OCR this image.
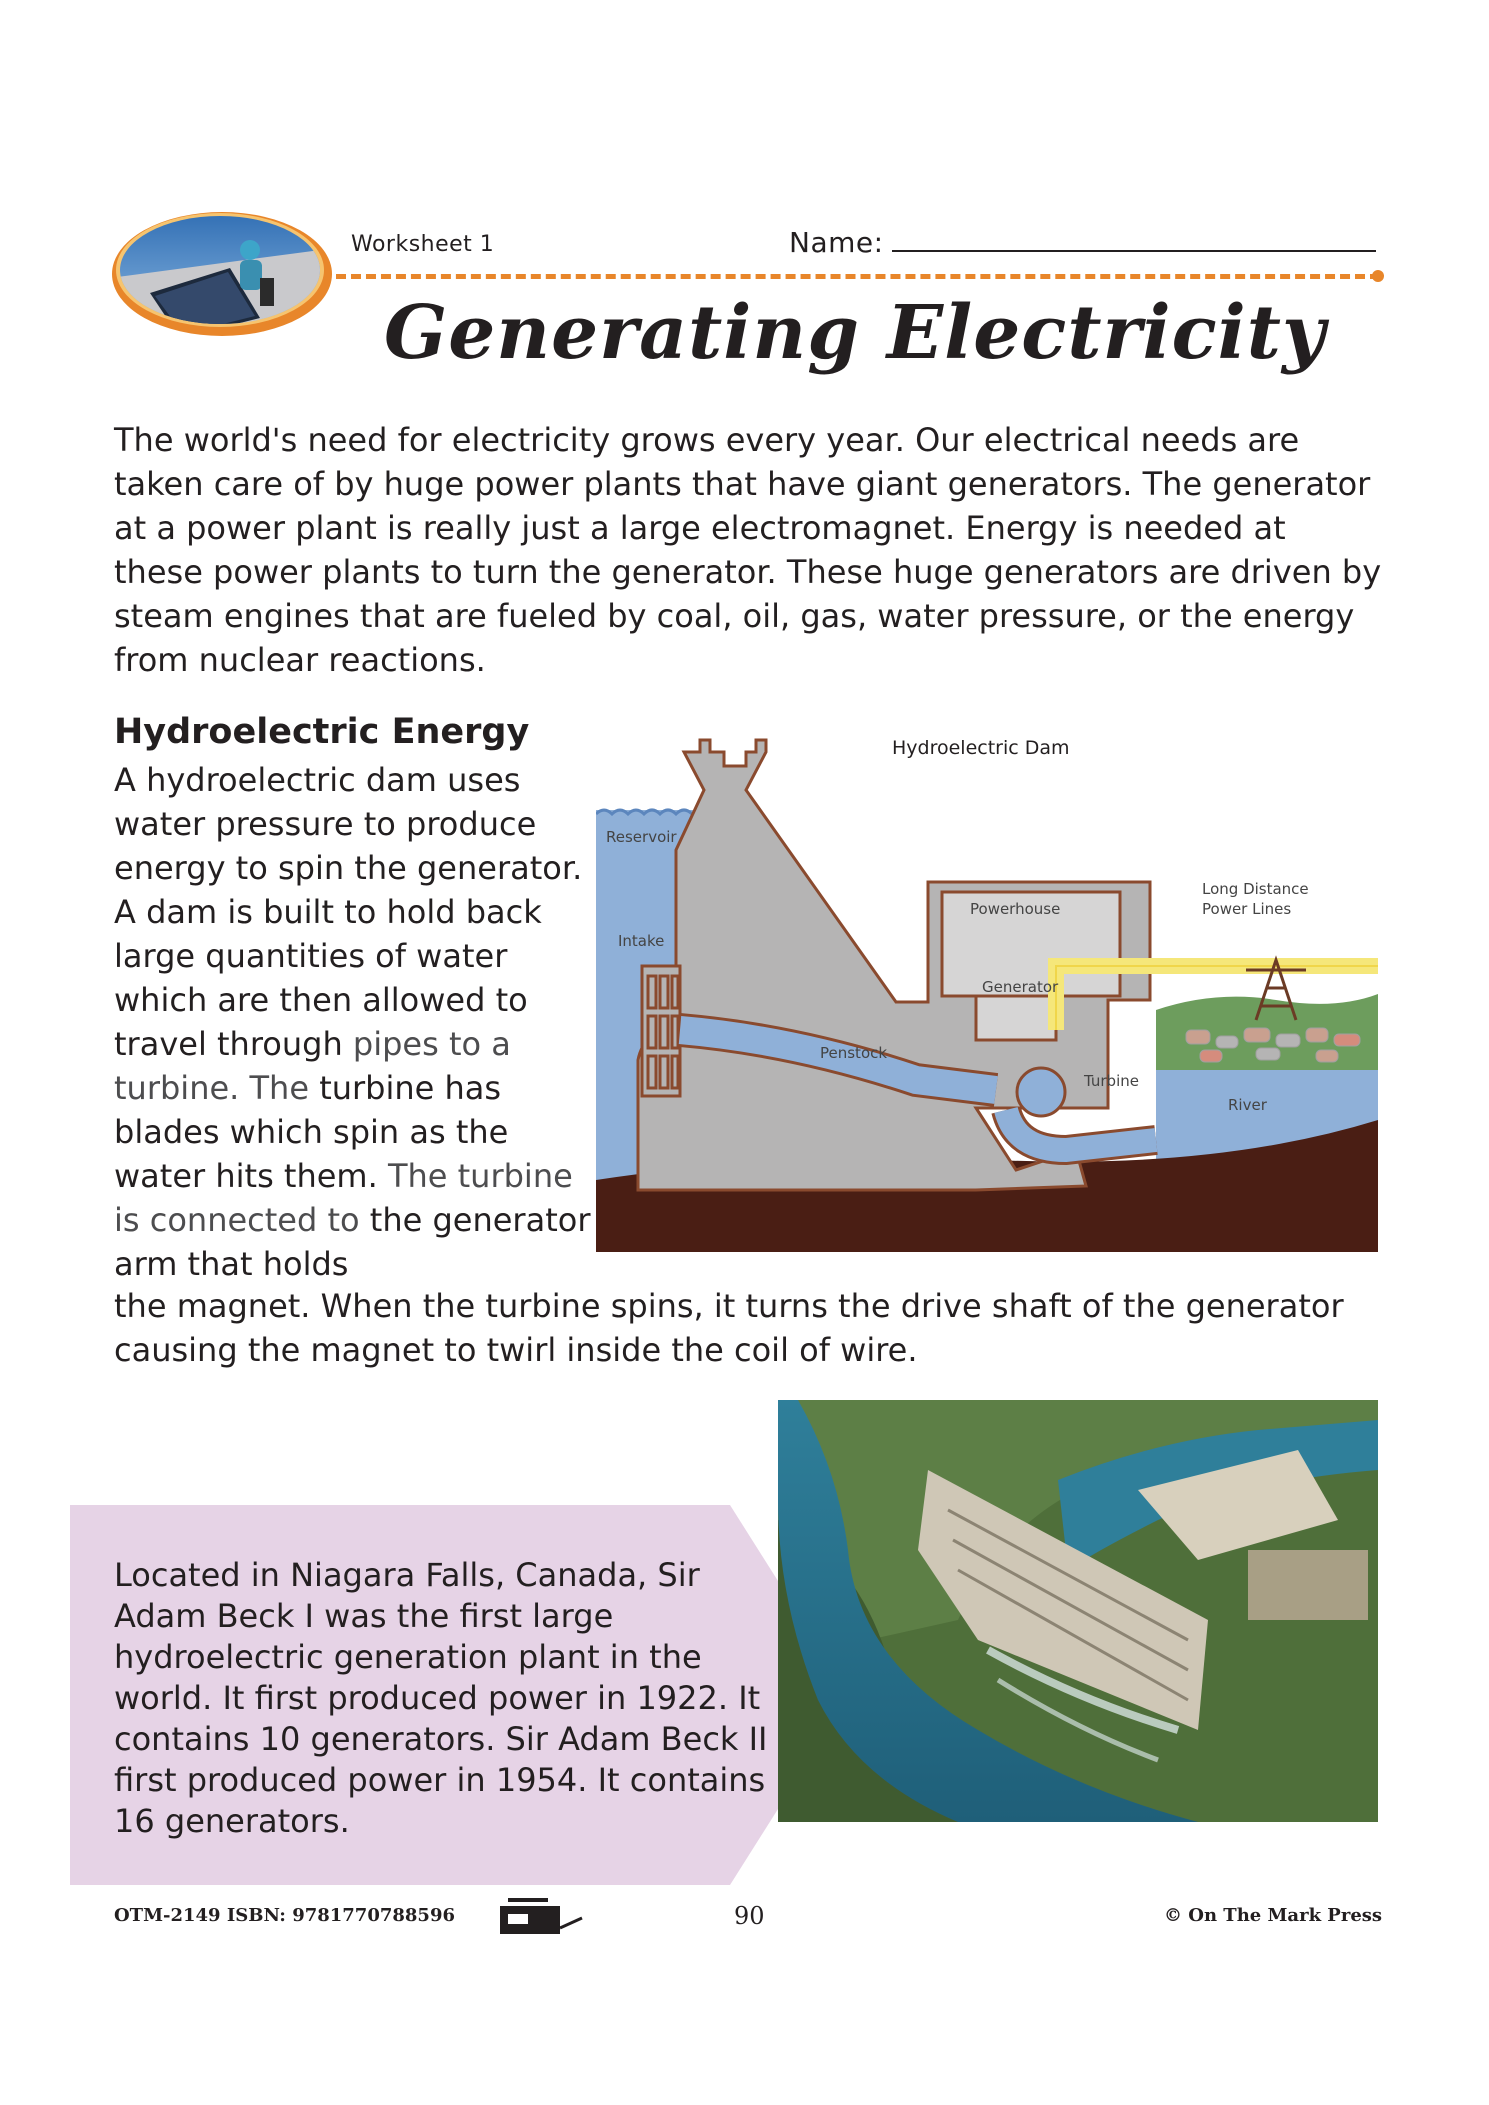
Worksheet 1	Name:
Generating Electricity
The world's need for electricity grows every year. Our electrical needs are taken care of by huge power plants that have giant generators. The generator at a power plant is really just a large electromagnet. Energy is needed at these power plants to turn the generator. These huge generators are driven by steam engines that are fueled by coal, oil, gas, water pressure, or the energy from nuclear reactions.
Hydroelectric Energy
A hydroelectric dam uses water pressure to produce energy to spin the generator. A dam is built to hold back large quantities of water which are then allowed to travel through pipes to a turbine. The turbine has blades which spin as the water hits them. The turbine is connected to the generator arm that holds
the magnet. When the turbine spins, it turns the drive shaft of the generator causing the magnet to twirl inside the coil of wire.
Hydroelectric Dam
Reservoir
Intake
Powerhouse
Generator
Penstock
Turbine
River
Long Distance
Power Lines
Located in Niagara Falls, Canada, Sir Adam Beck I was the first large hydroelectric generation plant in the world. It first produced power in 1922. It contains 10 generators. Sir Adam Beck II first produced power in 1954. It contains 16 generators.
OTM-2149 ISBN: 9781770788596	90	© On The Mark Press
